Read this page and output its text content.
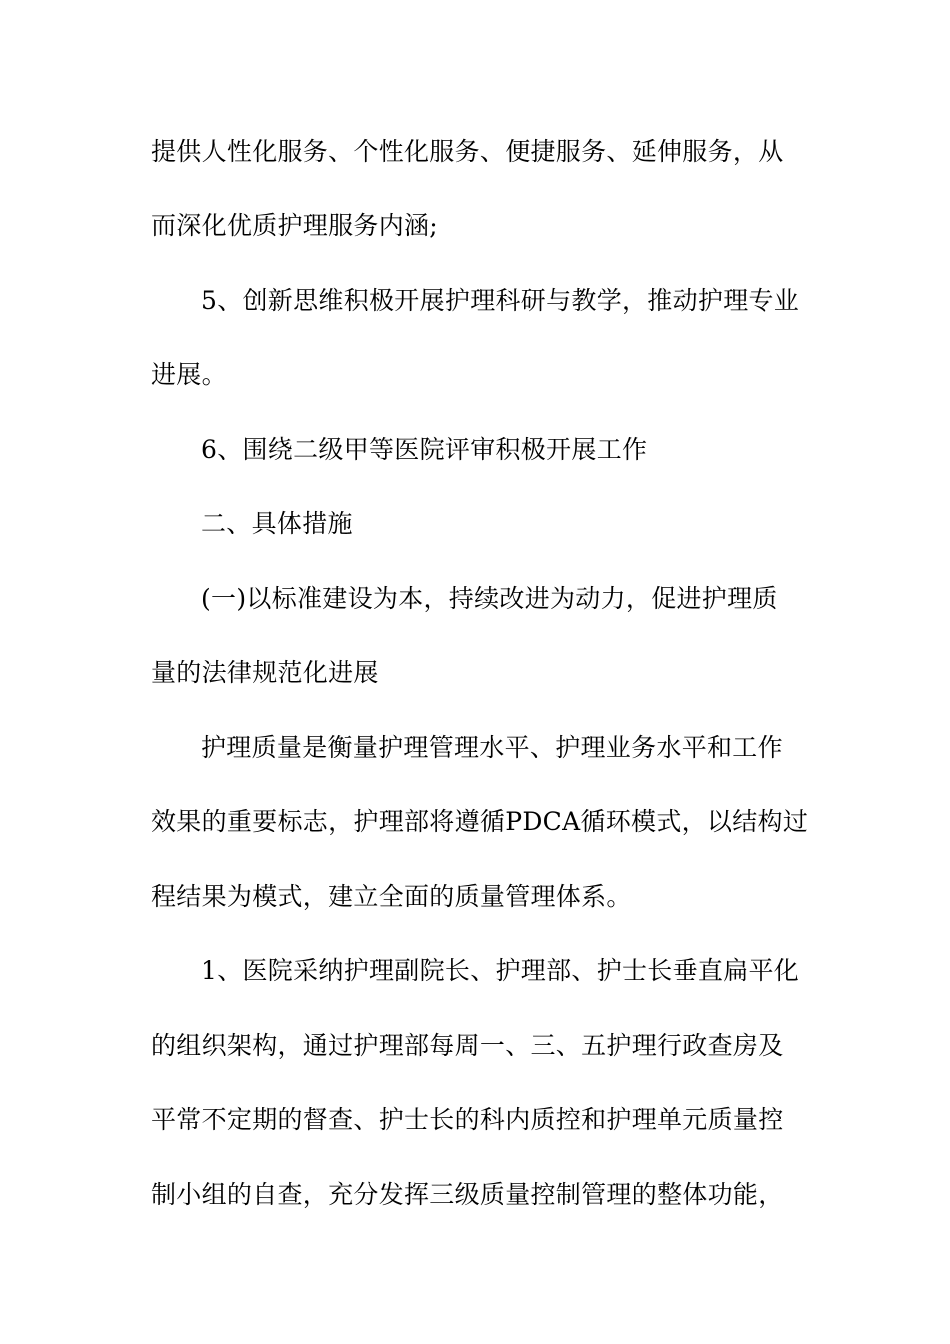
提供人性化服务、个性化服务、便捷服务、延伸服务，从
而深化优质护理服务内涵;
5、创新思维积极开展护理科研与教学，推动护理专业
进展。
6、围绕二级甲等医院评审积极开展工作
二、具体措施
(一)以标准建设为本，持续改进为动力，促进护理质
量的法律规范化进展
护理质量是衡量护理管理水平、护理业务水平和工作
效果的重要标志，护理部将遵循PDCA循环模式，以结构过
程结果为模式，建立全面的质量管理体系。
1、医院采纳护理副院长、护理部、护士长垂直扁平化
的组织架构，通过护理部每周一、三、五护理行政查房及
平常不定期的督查、护士长的科内质控和护理单元质量控
制小组的自查，充分发挥三级质量控制管理的整体功能，
